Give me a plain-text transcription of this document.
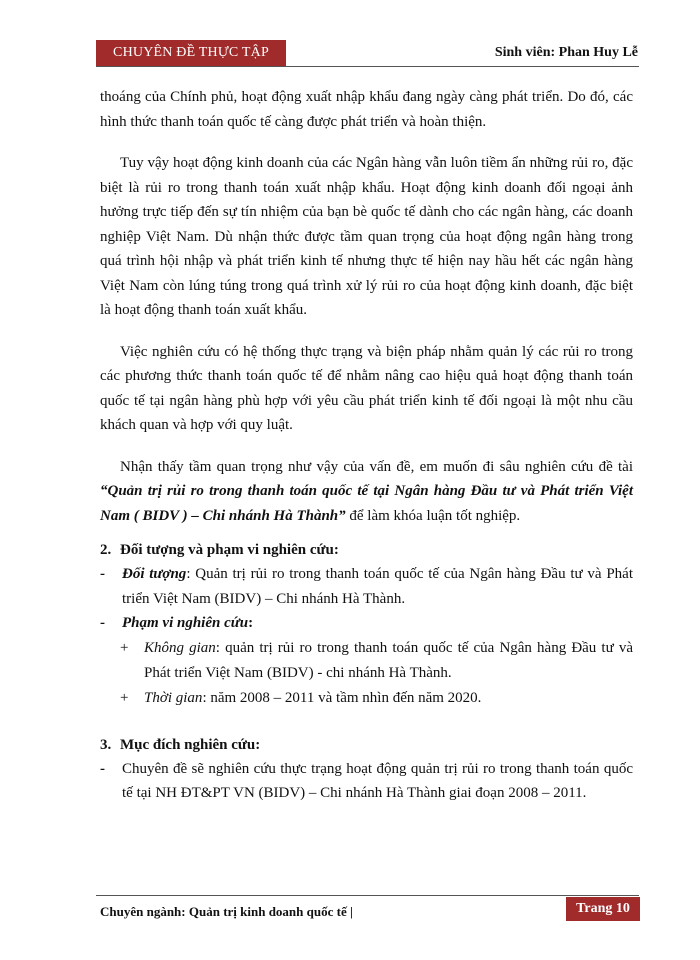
CHUYÊN ĐỀ THỰC TẬP	Sinh viên: Phan Huy Lễ

thoáng của Chính phủ, hoạt động xuất nhập khẩu đang ngày càng phát triển. Do đó, các hình thức thanh toán quốc tế càng được phát triển và hoàn thiện.

Tuy vậy hoạt động kinh doanh của các Ngân hàng vẫn luôn tiềm ẩn những rủi ro, đặc biệt là rủi ro trong thanh toán xuất nhập khẩu. Hoạt động kinh doanh đối ngoại ảnh hưởng trực tiếp đến sự tín nhiệm của bạn bè quốc tế dành cho các ngân hàng, các doanh nghiệp Việt Nam. Dù nhận thức được tầm quan trọng của hoạt động ngân hàng trong quá trình hội nhập và phát triển kinh tế nhưng thực tế hiện nay hầu hết các ngân hàng Việt Nam còn lúng túng trong quá trình xử lý rủi ro của hoạt động kinh doanh, đặc biệt là hoạt động thanh toán xuất khẩu.

Việc nghiên cứu có hệ thống thực trạng và biện pháp nhằm quản lý các rủi ro trong các phương thức thanh toán quốc tế để nhằm nâng cao hiệu quả hoạt động thanh toán quốc tế tại ngân hàng phù hợp với yêu cầu phát triển kinh tế đối ngoại là một nhu cầu khách quan và hợp với quy luật.

Nhận thấy tầm quan trọng như vậy của vấn đề, em muốn đi sâu nghiên cứu đề tài “Quản trị rủi ro trong thanh toán quốc tế tại Ngân hàng Đầu tư và Phát triển Việt Nam ( BIDV ) – Chi nhánh Hà Thành” để làm khóa luận tốt nghiệp.

2. Đối tượng và phạm vi nghiên cứu:
-	Đối tượng: Quản trị rủi ro trong thanh toán quốc tế của Ngân hàng Đầu tư và Phát triển Việt Nam (BIDV) – Chi nhánh Hà Thành.
-	Phạm vi nghiên cứu:
+	Không gian: quản trị rủi ro trong thanh toán quốc tế của Ngân hàng Đầu tư và Phát triển Việt Nam (BIDV) - chi nhánh Hà Thành.
+	Thời gian: năm 2008 – 2011 và tầm nhìn đến năm 2020.
3. Mục đích nghiên cứu:
-	Chuyên đề sẽ nghiên cứu thực trạng hoạt động quản trị rủi ro trong thanh toán quốc tế tại NH ĐT&PT VN (BIDV) – Chi nhánh Hà Thành giai đoạn 2008 – 2011.
Chuyên ngành: Quản trị kinh doanh quốc tế |	Trang 10
